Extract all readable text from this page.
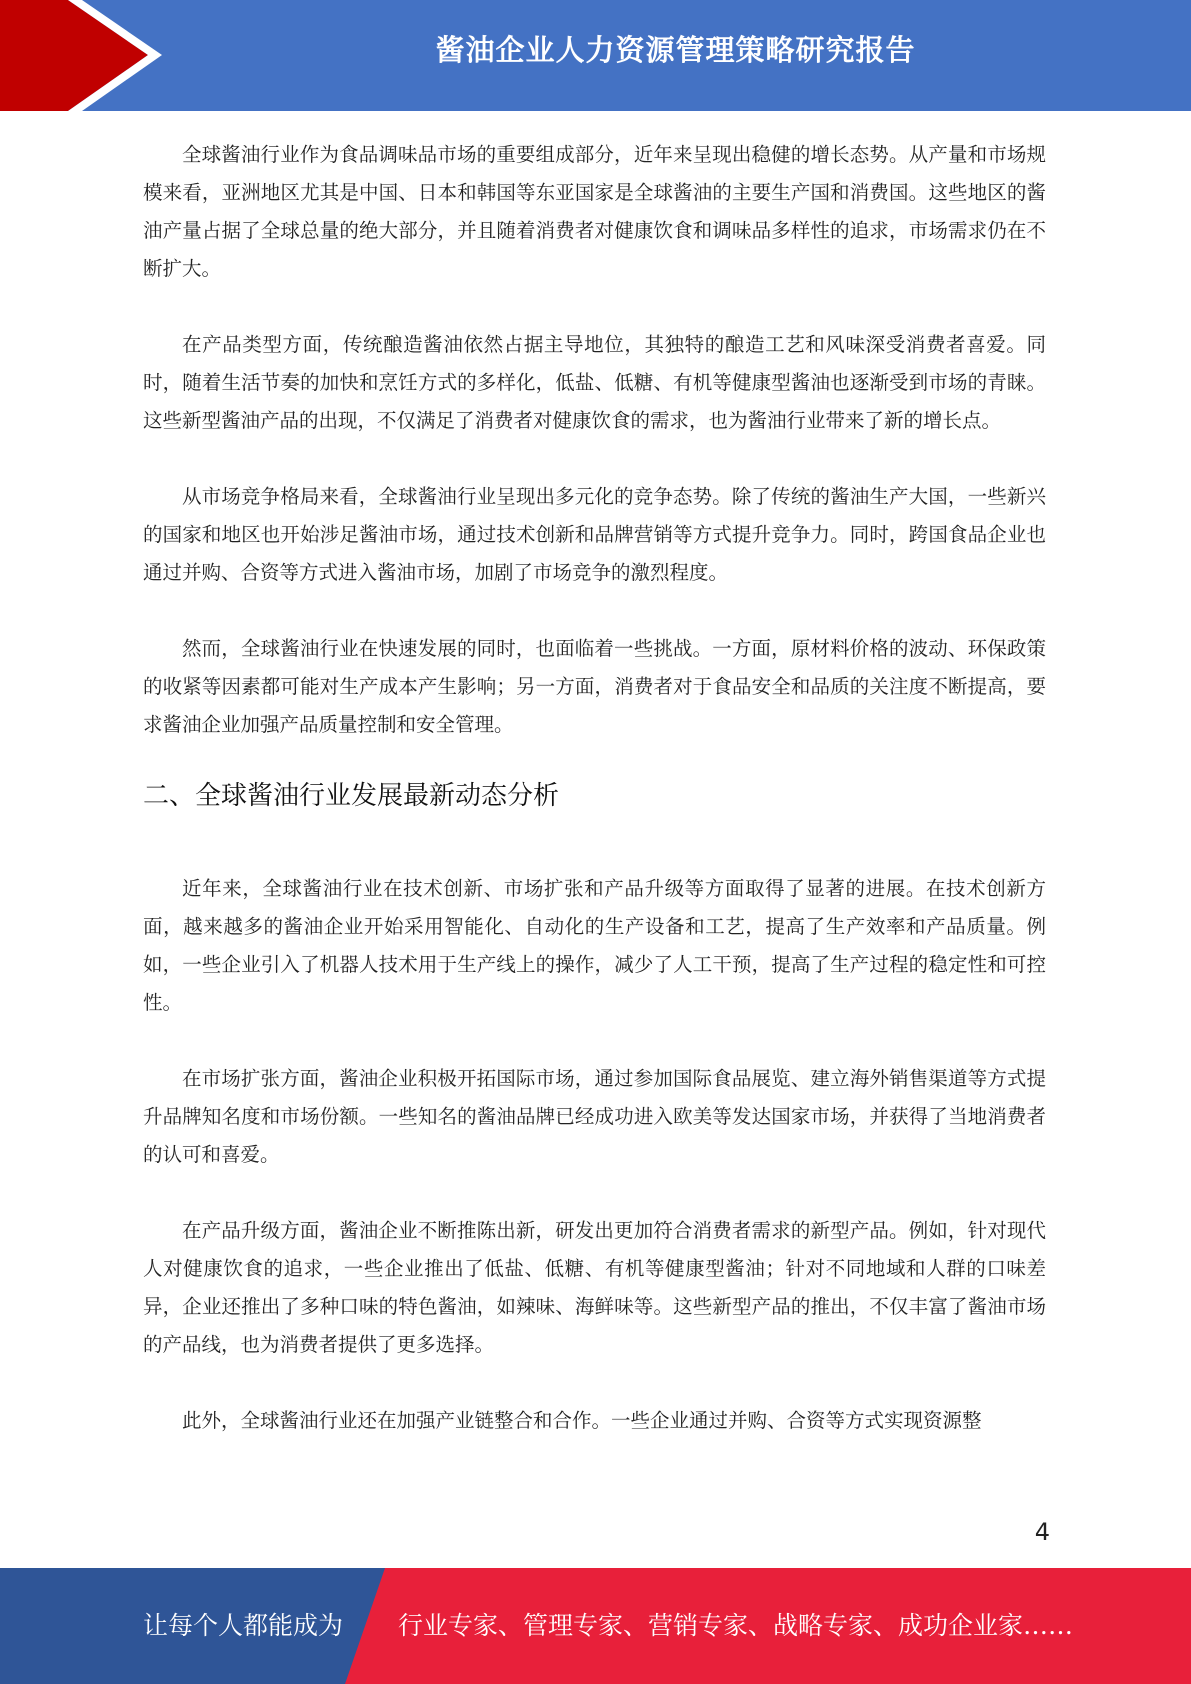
酱油企业人力资源管理策略研究报告

全球酱油行业作为食品调味品市场的重要组成部分，近年来呈现出稳健的增长态势。从产量和市场规模来看，亚洲地区尤其是中国、日本和韩国等东亚国家是全球酱油的主要生产国和消费国。这些地区的酱油产量占据了全球总量的绝大部分，并且随着消费者对健康饮食和调味品多样性的追求，市场需求仍在不断扩大。

在产品类型方面，传统酿造酱油依然占据主导地位，其独特的酿造工艺和风味深受消费者喜爱。同时，随着生活节奏的加快和烹饪方式的多样化，低盐、低糖、有机等健康型酱油也逐渐受到市场的青睐。这些新型酱油产品的出现，不仅满足了消费者对健康饮食的需求，也为酱油行业带来了新的增长点。

从市场竞争格局来看，全球酱油行业呈现出多元化的竞争态势。除了传统的酱油生产大国，一些新兴的国家和地区也开始涉足酱油市场，通过技术创新和品牌营销等方式提升竞争力。同时，跨国食品企业也通过并购、合资等方式进入酱油市场，加剧了市场竞争的激烈程度。

然而，全球酱油行业在快速发展的同时，也面临着一些挑战。一方面，原材料价格的波动、环保政策的收紧等因素都可能对生产成本产生影响；另一方面，消费者对于食品安全和品质的关注度不断提高，要求酱油企业加强产品质量控制和安全管理。

二、全球酱油行业发展最新动态分析

近年来，全球酱油行业在技术创新、市场扩张和产品升级等方面取得了显著的进展。在技术创新方面，越来越多的酱油企业开始采用智能化、自动化的生产设备和工艺，提高了生产效率和产品质量。例如，一些企业引入了机器人技术用于生产线上的操作，减少了人工干预，提高了生产过程的稳定性和可控性。

在市场扩张方面，酱油企业积极开拓国际市场，通过参加国际食品展览、建立海外销售渠道等方式提升品牌知名度和市场份额。一些知名的酱油品牌已经成功进入欧美等发达国家市场，并获得了当地消费者的认可和喜爱。

在产品升级方面，酱油企业不断推陈出新，研发出更加符合消费者需求的新型产品。例如，针对现代人对健康饮食的追求，一些企业推出了低盐、低糖、有机等健康型酱油；针对不同地域和人群的口味差异，企业还推出了多种口味的特色酱油，如辣味、海鲜味等。这些新型产品的推出，不仅丰富了酱油市场的产品线，也为消费者提供了更多选择。

此外，全球酱油行业还在加强产业链整合和合作。一些企业通过并购、合资等方式实现资源整

4
让每个人都能成为 行业专家、管理专家、营销专家、战略专家、成功企业家……
